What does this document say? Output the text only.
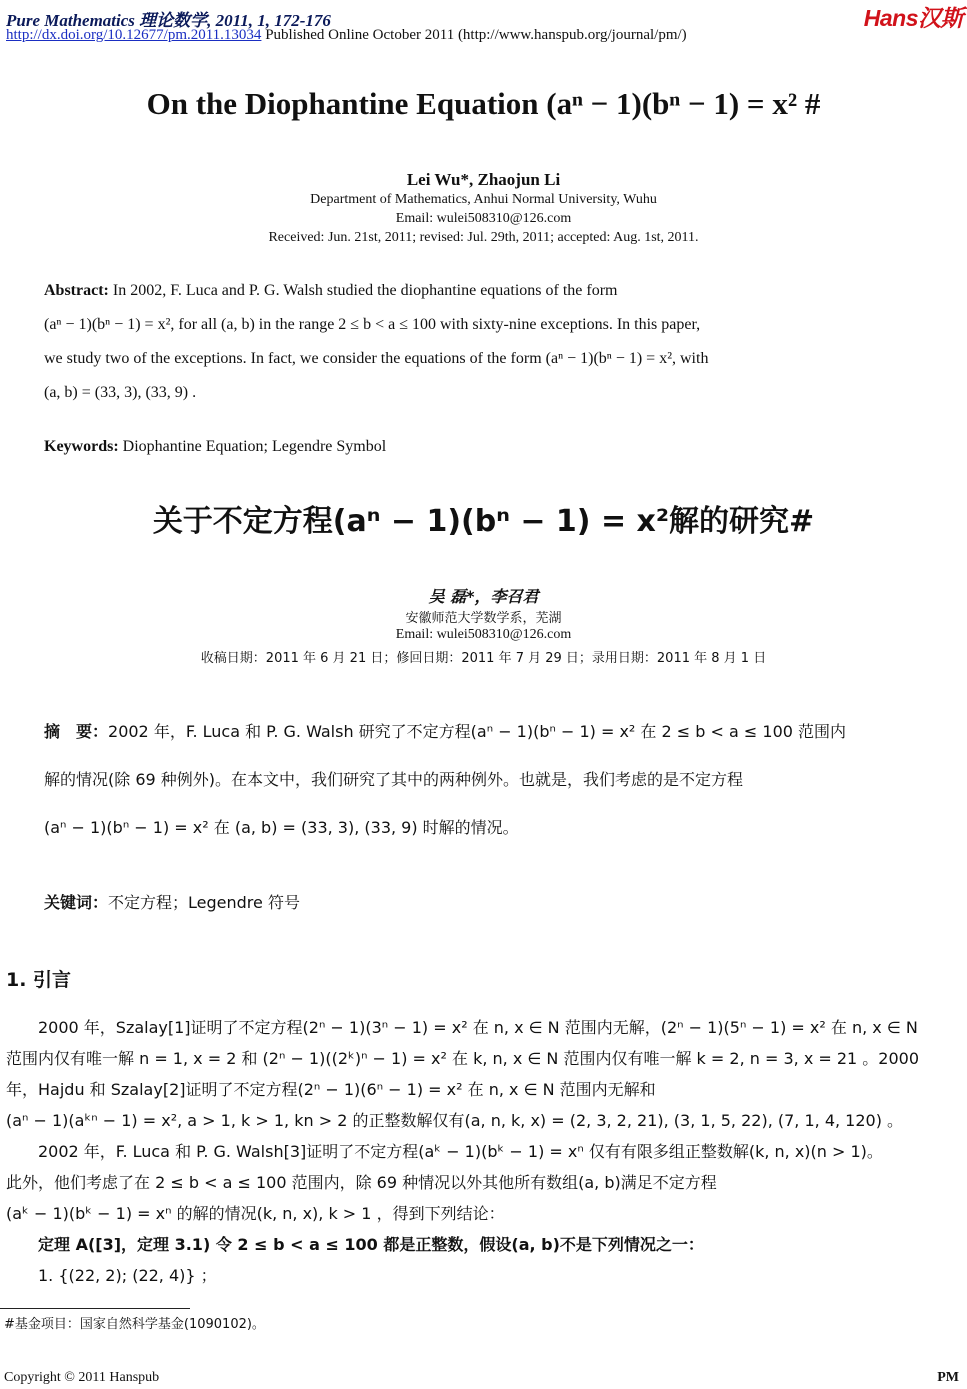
Pure Mathematics 理论数学, 2011, 1, 172-176
http://dx.doi.org/10.12677/pm.2011.13034 Published Online October 2011 (http://www.hanspub.org/journal/pm/)
Hans汉斯
On the Diophantine Equation (aⁿ − 1)(bⁿ − 1) = x² #
Lei Wu*, Zhaojun Li
Department of Mathematics, Anhui Normal University, Wuhu
Email: wulei508310@126.com
Received: Jun. 21st, 2011; revised: Jul. 29th, 2011; accepted: Aug. 1st, 2011.
Abstract: In 2002, F. Luca and P. G. Walsh studied the diophantine equations of the form
(aⁿ − 1)(bⁿ − 1) = x², for all (a, b) in the range 2 ≤ b < a ≤ 100 with sixty-nine exceptions. In this paper,
we study two of the exceptions. In fact, we consider the equations of the form (aⁿ − 1)(bⁿ − 1) = x², with
(a, b) = (33, 3), (33, 9) .
Keywords: Diophantine Equation; Legendre Symbol
关于不定方程(aⁿ − 1)(bⁿ − 1) = x²解的研究#
吴 磊*，李召君
安徽师范大学数学系，芜湖
Email: wulei508310@126.com
收稿日期：2011 年 6 月 21 日；修回日期：2011 年 7 月 29 日；录用日期：2011 年 8 月 1 日
摘　要：2002 年，F. Luca 和 P. G. Walsh 研究了不定方程(aⁿ − 1)(bⁿ − 1) = x² 在 2 ≤ b < a ≤ 100 范围内
解的情况(除 69 种例外)。在本文中，我们研究了其中的两种例外。也就是，我们考虑的是不定方程
(aⁿ − 1)(bⁿ − 1) = x² 在 (a, b) = (33, 3), (33, 9) 时解的情况。
关键词：不定方程；Legendre 符号
1. 引言
　　2000 年，Szalay[1]证明了不定方程(2ⁿ − 1)(3ⁿ − 1) = x² 在 n, x ∈ N 范围内无解，(2ⁿ − 1)(5ⁿ − 1) = x² 在 n, x ∈ N
范围内仅有唯一解 n = 1, x = 2 和 (2ⁿ − 1)((2ᵏ)ⁿ − 1) = x² 在 k, n, x ∈ N 范围内仅有唯一解 k = 2, n = 3, x = 21 。2000
年，Hajdu 和 Szalay[2]证明了不定方程(2ⁿ − 1)(6ⁿ − 1) = x² 在 n, x ∈ N 范围内无解和
(aⁿ − 1)(aᵏⁿ − 1) = x², a > 1, k > 1, kn > 2 的正整数解仅有(a, n, k, x) = (2, 3, 2, 21), (3, 1, 5, 22), (7, 1, 4, 120) 。
　　2002 年，F. Luca 和 P. G. Walsh[3]证明了不定方程(aᵏ − 1)(bᵏ − 1) = xⁿ 仅有有限多组正整数解(k, n, x)(n > 1)。
此外，他们考虑了在 2 ≤ b < a ≤ 100 范围内，除 69 种情况以外其他所有数组(a, b)满足不定方程
(aᵏ − 1)(bᵏ − 1) = xⁿ 的解的情况(k, n, x), k > 1 ，得到下列结论：
　　定理 A([3]，定理 3.1) 令 2 ≤ b < a ≤ 100 都是正整数，假设(a, b)不是下列情况之一：
　　1. {(22, 2); (22, 4)} ；
#基金项目：国家自然科学基金(1090102)。
Copyright © 2011 Hanspub	PM
